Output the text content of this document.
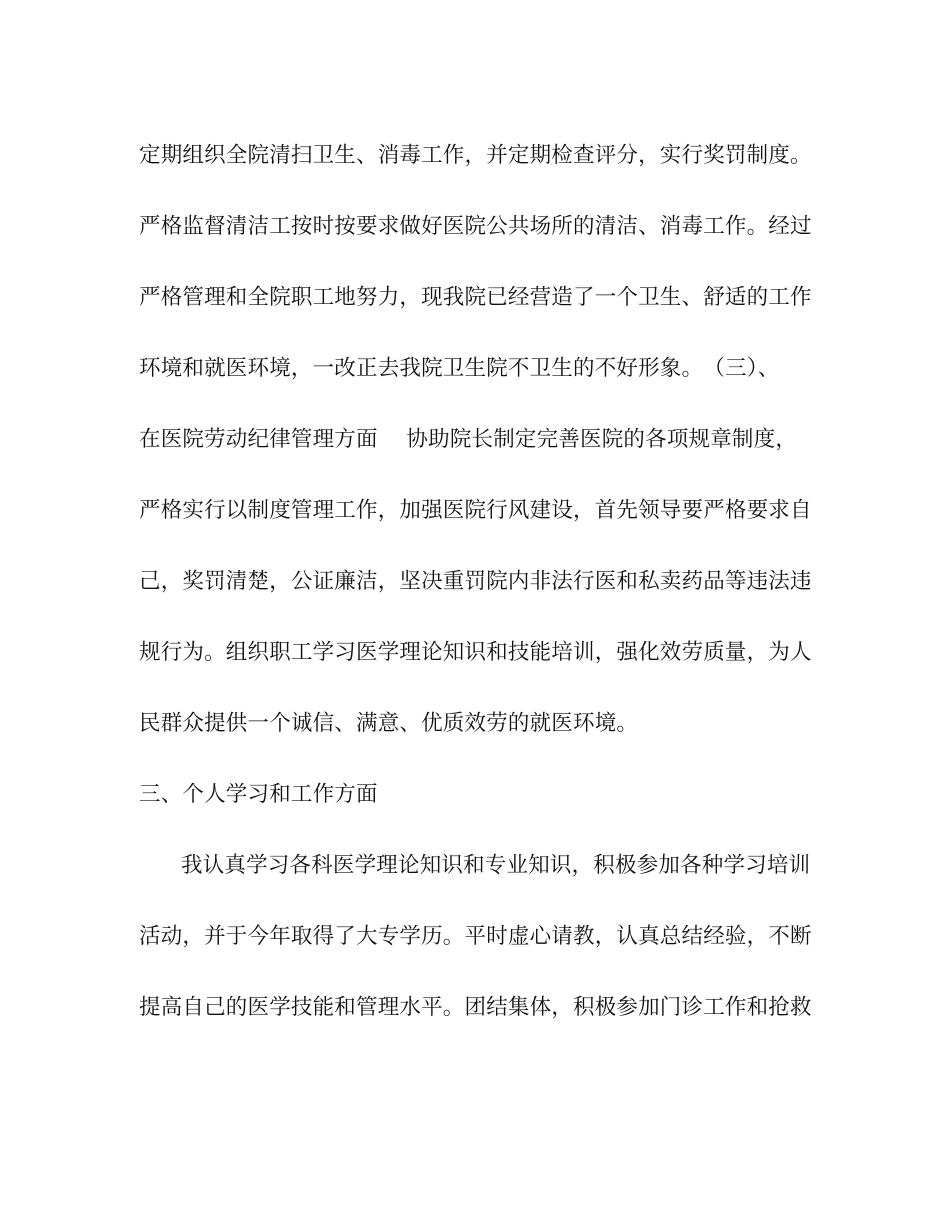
定期组织全院清扫卫生、消毒工作，并定期检查评分，实行奖罚制度。
严格监督清洁工按时按要求做好医院公共场所的清洁、消毒工作。经过
严格管理和全院职工地努力，现我院已经营造了一个卫生、舒适的工作
环境和就医环境，一改正去我院卫生院不卫生的不好形象。　（三）、
在医院劳动纪律管理方面　 协助院长制定完善医院的各项规章制度，
严格实行以制度管理工作，加强医院行风建设，首先领导要严格要求自
己，奖罚清楚，公证廉洁，坚决重罚院内非法行医和私卖药品等违法违
规行为。组织职工学习医学理论知识和技能培训，强化效劳质量，为人
民群众提供一个诚信、满意、优质效劳的就医环境。
三、个人学习和工作方面
我认真学习各科医学理论知识和专业知识，积极参加各种学习培训
活动，并于今年取得了大专学历。平时虚心请教，认真总结经验，不断
提高自己的医学技能和管理水平。团结集体，积极参加门诊工作和抢救
